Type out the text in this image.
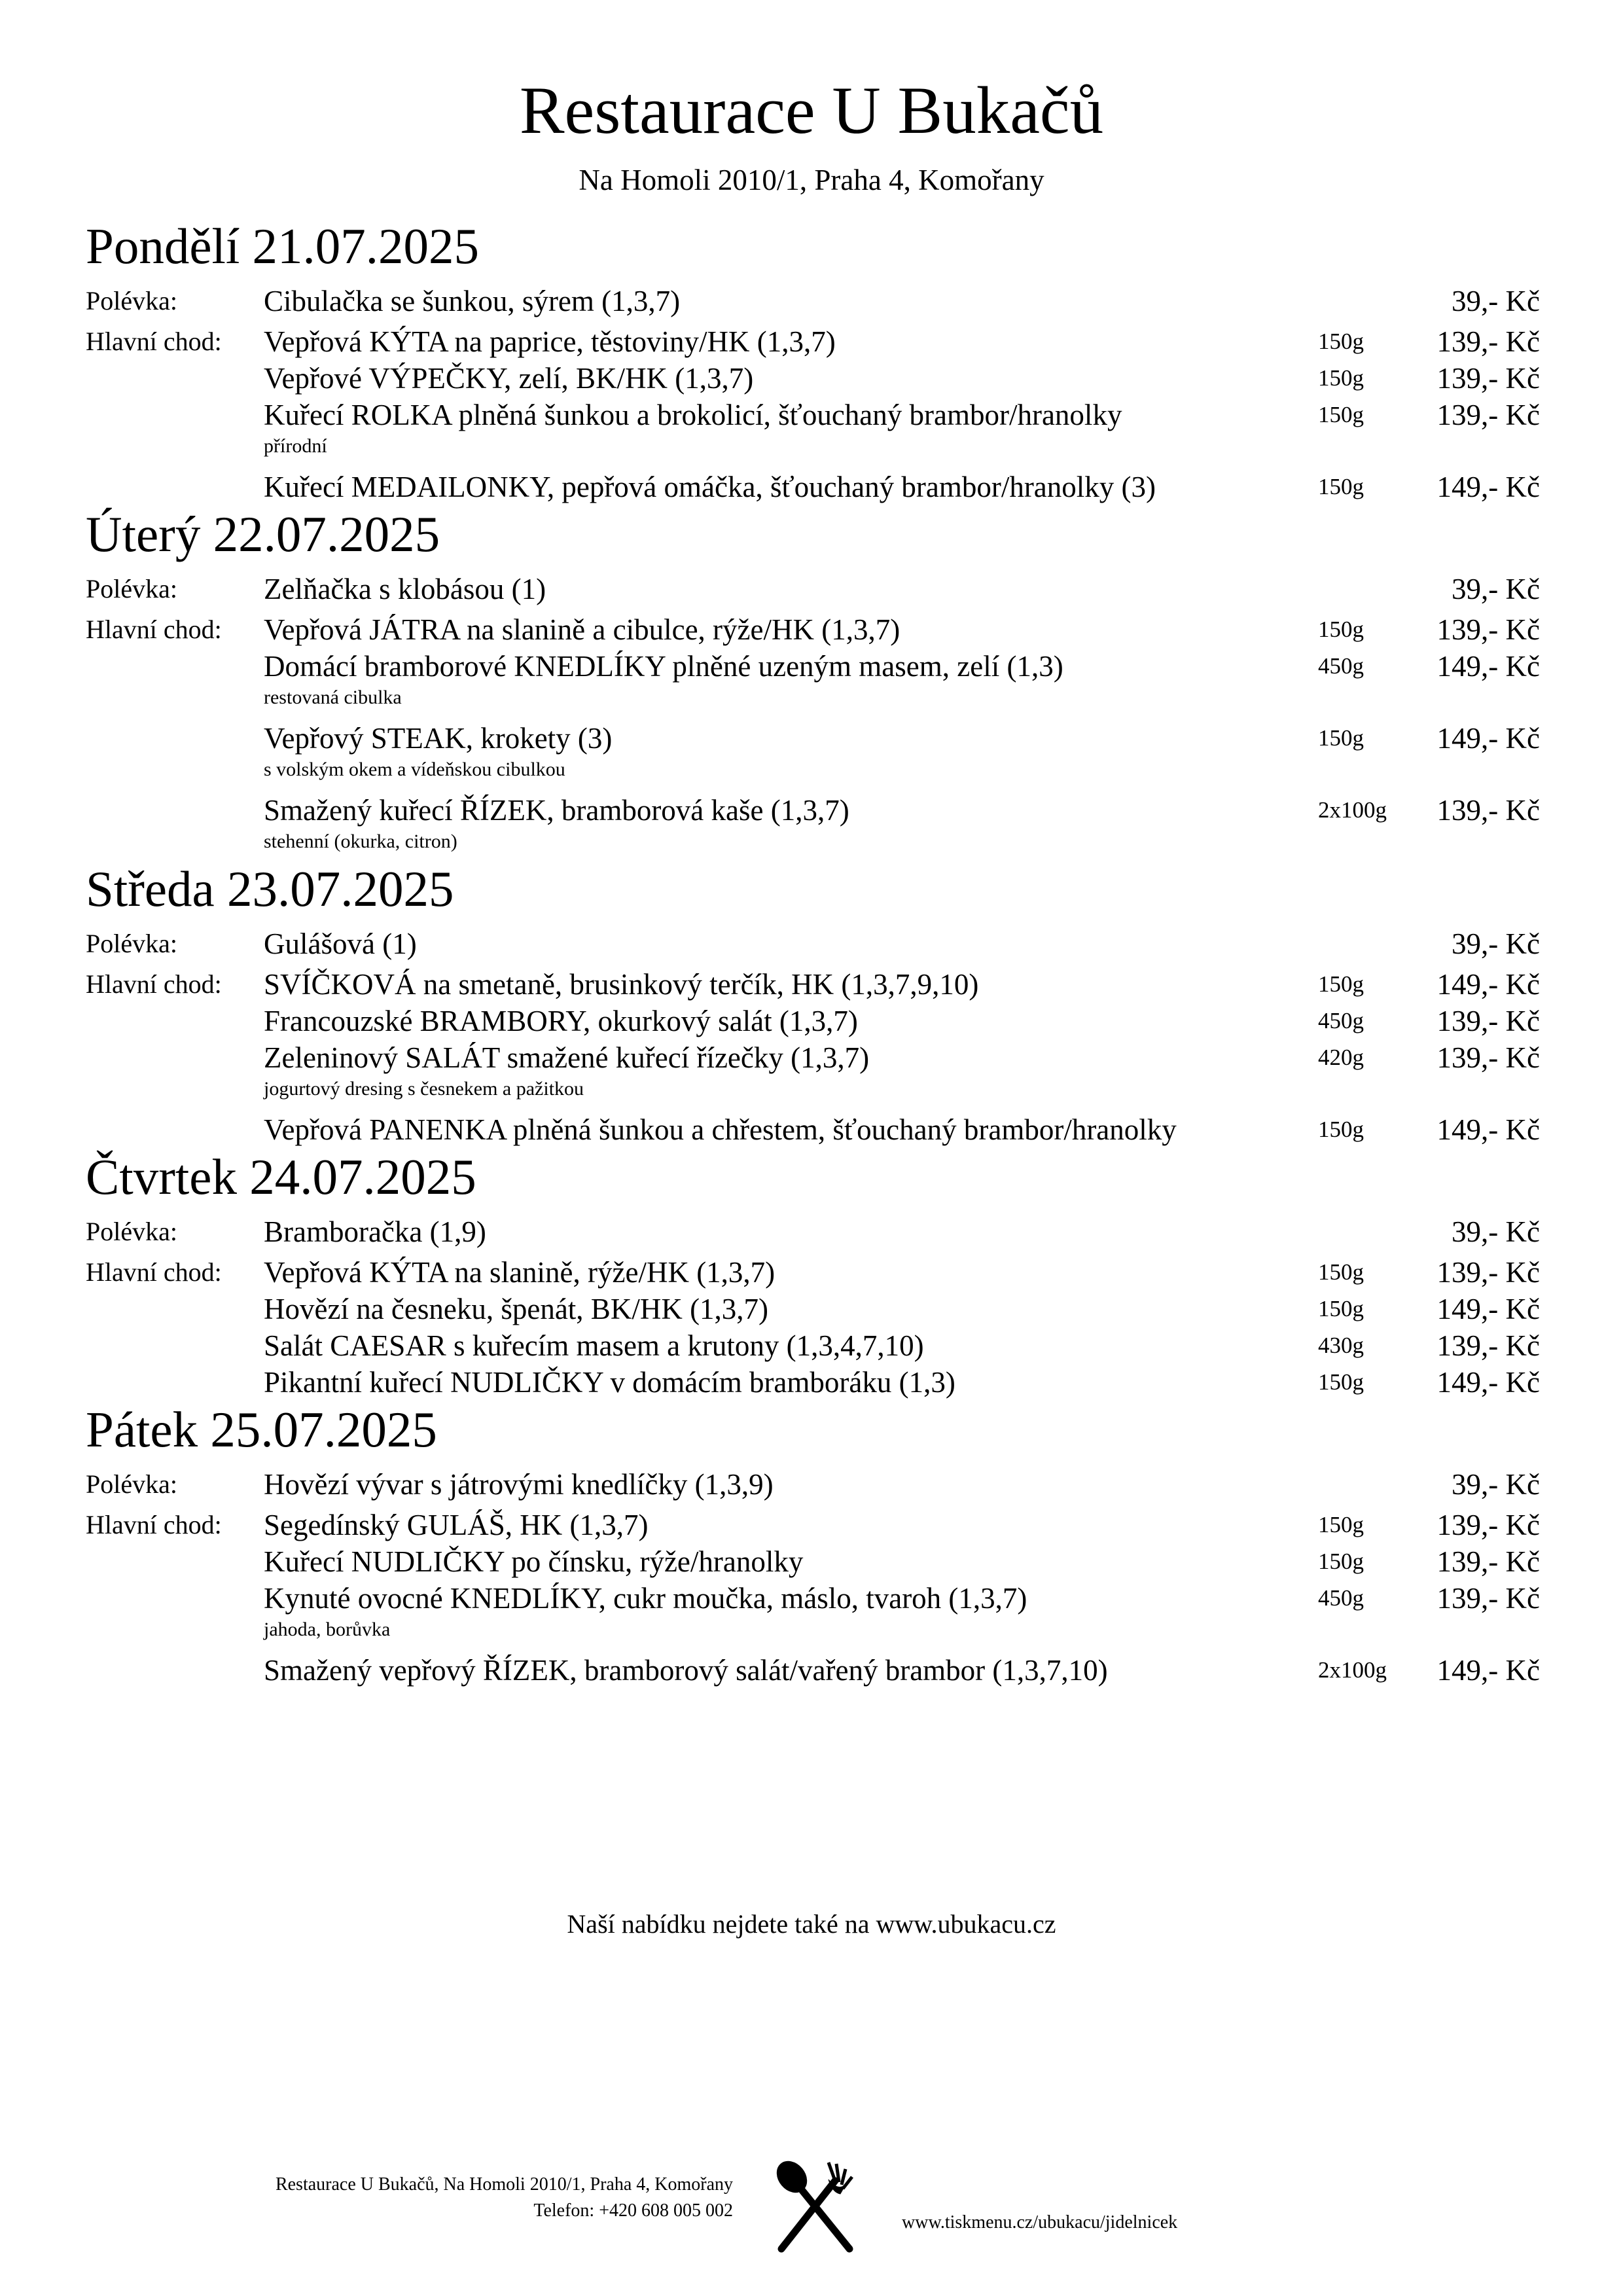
Restaurace U Bukačů
Na Homoli 2010/1, Praha 4, Komořany
Pondělí 21.07.2025
Polévka:	Cibulačka se šunkou, sýrem (1,3,7)	39,- Kč
Hlavní chod: Vepřová KÝTA na paprice, těstoviny/HK (1,3,7)	150g 139,- Kč
Vepřové VÝPEČKY, zelí, BK/HK (1,3,7)	150g 139,- Kč
Kuřecí ROLKA plněná šunkou a brokolicí, šťouchaný brambor/hranolky	150g 139,- Kč
přírodní
Kuřecí MEDAILONKY, pepřová omáčka, šťouchaný brambor/hranolky (3)	150g 149,- Kč
Úterý 22.07.2025
Polévka:	Zelňačka s klobásou (1)	39,- Kč
Hlavní chod: Vepřová JÁTRA na slanině a cibulce, rýže/HK (1,3,7)	150g 139,- Kč
Domácí bramborové KNEDLÍKY plněné uzeným masem, zelí (1,3)	450g 149,- Kč
restovaná cibulka
Vepřový STEAK, krokety (3)	150g 149,- Kč
s volským okem a vídeňskou cibulkou
Smažený kuřecí ŘÍZEK, bramborová kaše (1,3,7)	2x100g 139,- Kč
stehenní (okurka, citron)
Středa 23.07.2025
Polévka:	Gulášová (1)	39,- Kč
Hlavní chod: SVÍČKOVÁ na smetaně, brusinkový terčík, HK (1,3,7,9,10)	150g 149,- Kč
Francouzské BRAMBORY, okurkový salát (1,3,7)	450g 139,- Kč
Zeleninový SALÁT smažené kuřecí řízečky (1,3,7)	420g 139,- Kč
jogurtový dresing s česnekem a pažitkou
Vepřová PANENKA plněná šunkou a chřestem, šťouchaný brambor/hranolky	150g 149,- Kč
Čtvrtek 24.07.2025
Polévka:	Bramboračka (1,9)	39,- Kč
Hlavní chod: Vepřová KÝTA na slanině, rýže/HK (1,3,7)	150g 139,- Kč
Hovězí na česneku, špenát, BK/HK (1,3,7)	150g 149,- Kč
Salát CAESAR s kuřecím masem a krutony (1,3,4,7,10)	430g 139,- Kč
Pikantní kuřecí NUDLIČKY v domácím bramboráku (1,3)	150g 149,- Kč
Pátek 25.07.2025
Polévka:	Hovězí vývar s játrovými knedlíčky (1,3,9)	39,- Kč
Hlavní chod: Segedínský GULÁŠ, HK (1,3,7)	150g 139,- Kč
Kuřecí NUDLIČKY po čínsku, rýže/hranolky	150g 139,- Kč
Kynuté ovocné KNEDLÍKY, cukr moučka, máslo, tvaroh (1,3,7)	450g 139,- Kč
jahoda, borůvka
Smažený vepřový ŘÍZEK, bramborový salát/vařený brambor (1,3,7,10)	2x100g 149,- Kč
Naší nabídku nejdete také na www.ubukacu.cz
Restaurace U Bukačů, Na Homoli 2010/1, Praha 4, Komořany
Telefon: +420 608 005 002
www.tiskmenu.cz/ubukacu/jidelnicek
